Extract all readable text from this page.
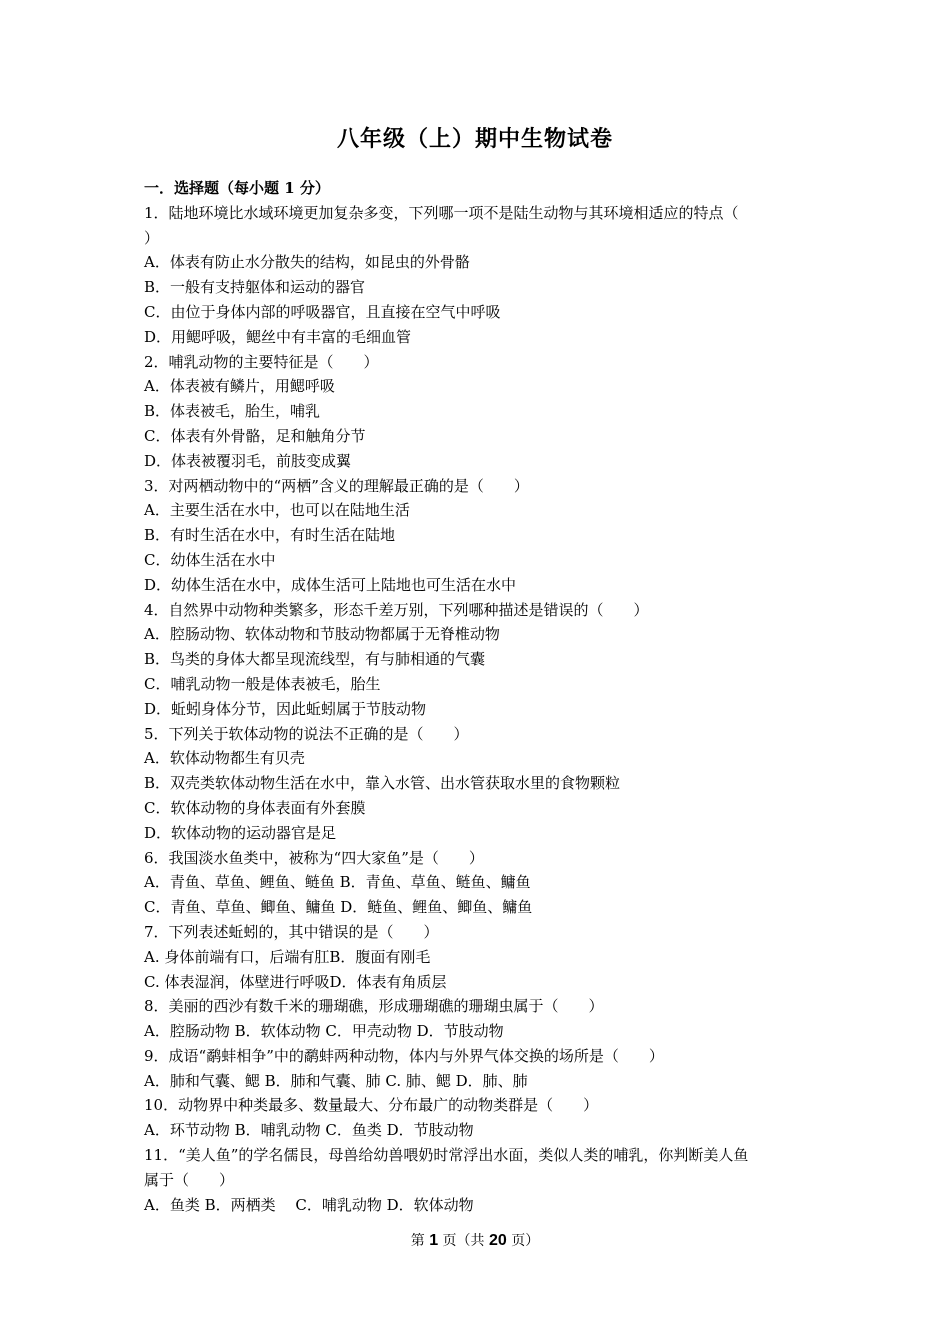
八年级（上）期中生物试卷
一．选择题（每小题 1 分）
1．陆地环境比水域环境更加复杂多变，下列哪一项不是陆生动物与其环境相适应的特点（
）
A．体表有防止水分散失的结构，如昆虫的外骨骼
B．一般有支持躯体和运动的器官
C．由位于身体内部的呼吸器官，且直接在空气中呼吸
D．用鳃呼吸，鳃丝中有丰富的毛细血管
2．哺乳动物的主要特征是（　　）
A．体表被有鳞片，用鳃呼吸
B．体表被毛，胎生，哺乳
C．体表有外骨骼，足和触角分节
D．体表被覆羽毛，前肢变成翼
3．对两栖动物中的“两栖”含义的理解最正确的是（　　）
A．主要生活在水中，也可以在陆地生活
B．有时生活在水中，有时生活在陆地
C．幼体生活在水中
D．幼体生活在水中，成体生活可上陆地也可生活在水中
4．自然界中动物种类繁多，形态千差万别，下列哪种描述是错误的（　　）
A．腔肠动物、软体动物和节肢动物都属于无脊椎动物
B．鸟类的身体大都呈现流线型，有与肺相通的气囊
C．哺乳动物一般是体表被毛，胎生
D．蚯蚓身体分节，因此蚯蚓属于节肢动物
5．下列关于软体动物的说法不正确的是（　　）
A．软体动物都生有贝壳
B．双壳类软体动物生活在水中，靠入水管、出水管获取水里的食物颗粒
C．软体动物的身体表面有外套膜
D．软体动物的运动器官是足
6．我国淡水鱼类中，被称为“四大家鱼”是（　　）
A．青鱼、草鱼、鲤鱼、鲢鱼 B．青鱼、草鱼、鲢鱼、鳙鱼
C．青鱼、草鱼、鲫鱼、鳙鱼 D．鲢鱼、鲤鱼、鲫鱼、鳙鱼
7．下列表述蚯蚓的，其中错误的是（　　）
A. 身体前端有口，后端有肛B．腹面有刚毛
C. 体表湿润，体壁进行呼吸D．体表有角质层
8．美丽的西沙有数千米的珊瑚礁，形成珊瑚礁的珊瑚虫属于（　　）
A．腔肠动物 B．软体动物 C．甲壳动物 D．节肢动物
9．成语“鹬蚌相争”中的鹬蚌两种动物，体内与外界气体交换的场所是（　　）
A．肺和气囊、鳃 B．肺和气囊、肺 C. 肺、鳃 D．肺、肺
10．动物界中种类最多、数量最大、分布最广的动物类群是（　　）
A．环节动物 B．哺乳动物 C．鱼类 D．节肢动物
11．“美人鱼”的学名儒艮，母兽给幼兽喂奶时常浮出水面，类似人类的哺乳，你判断美人鱼
属于（　　）
A．鱼类 B．两栖类　 C．哺乳动物 D．软体动物
第 1 页（共 20 页）
